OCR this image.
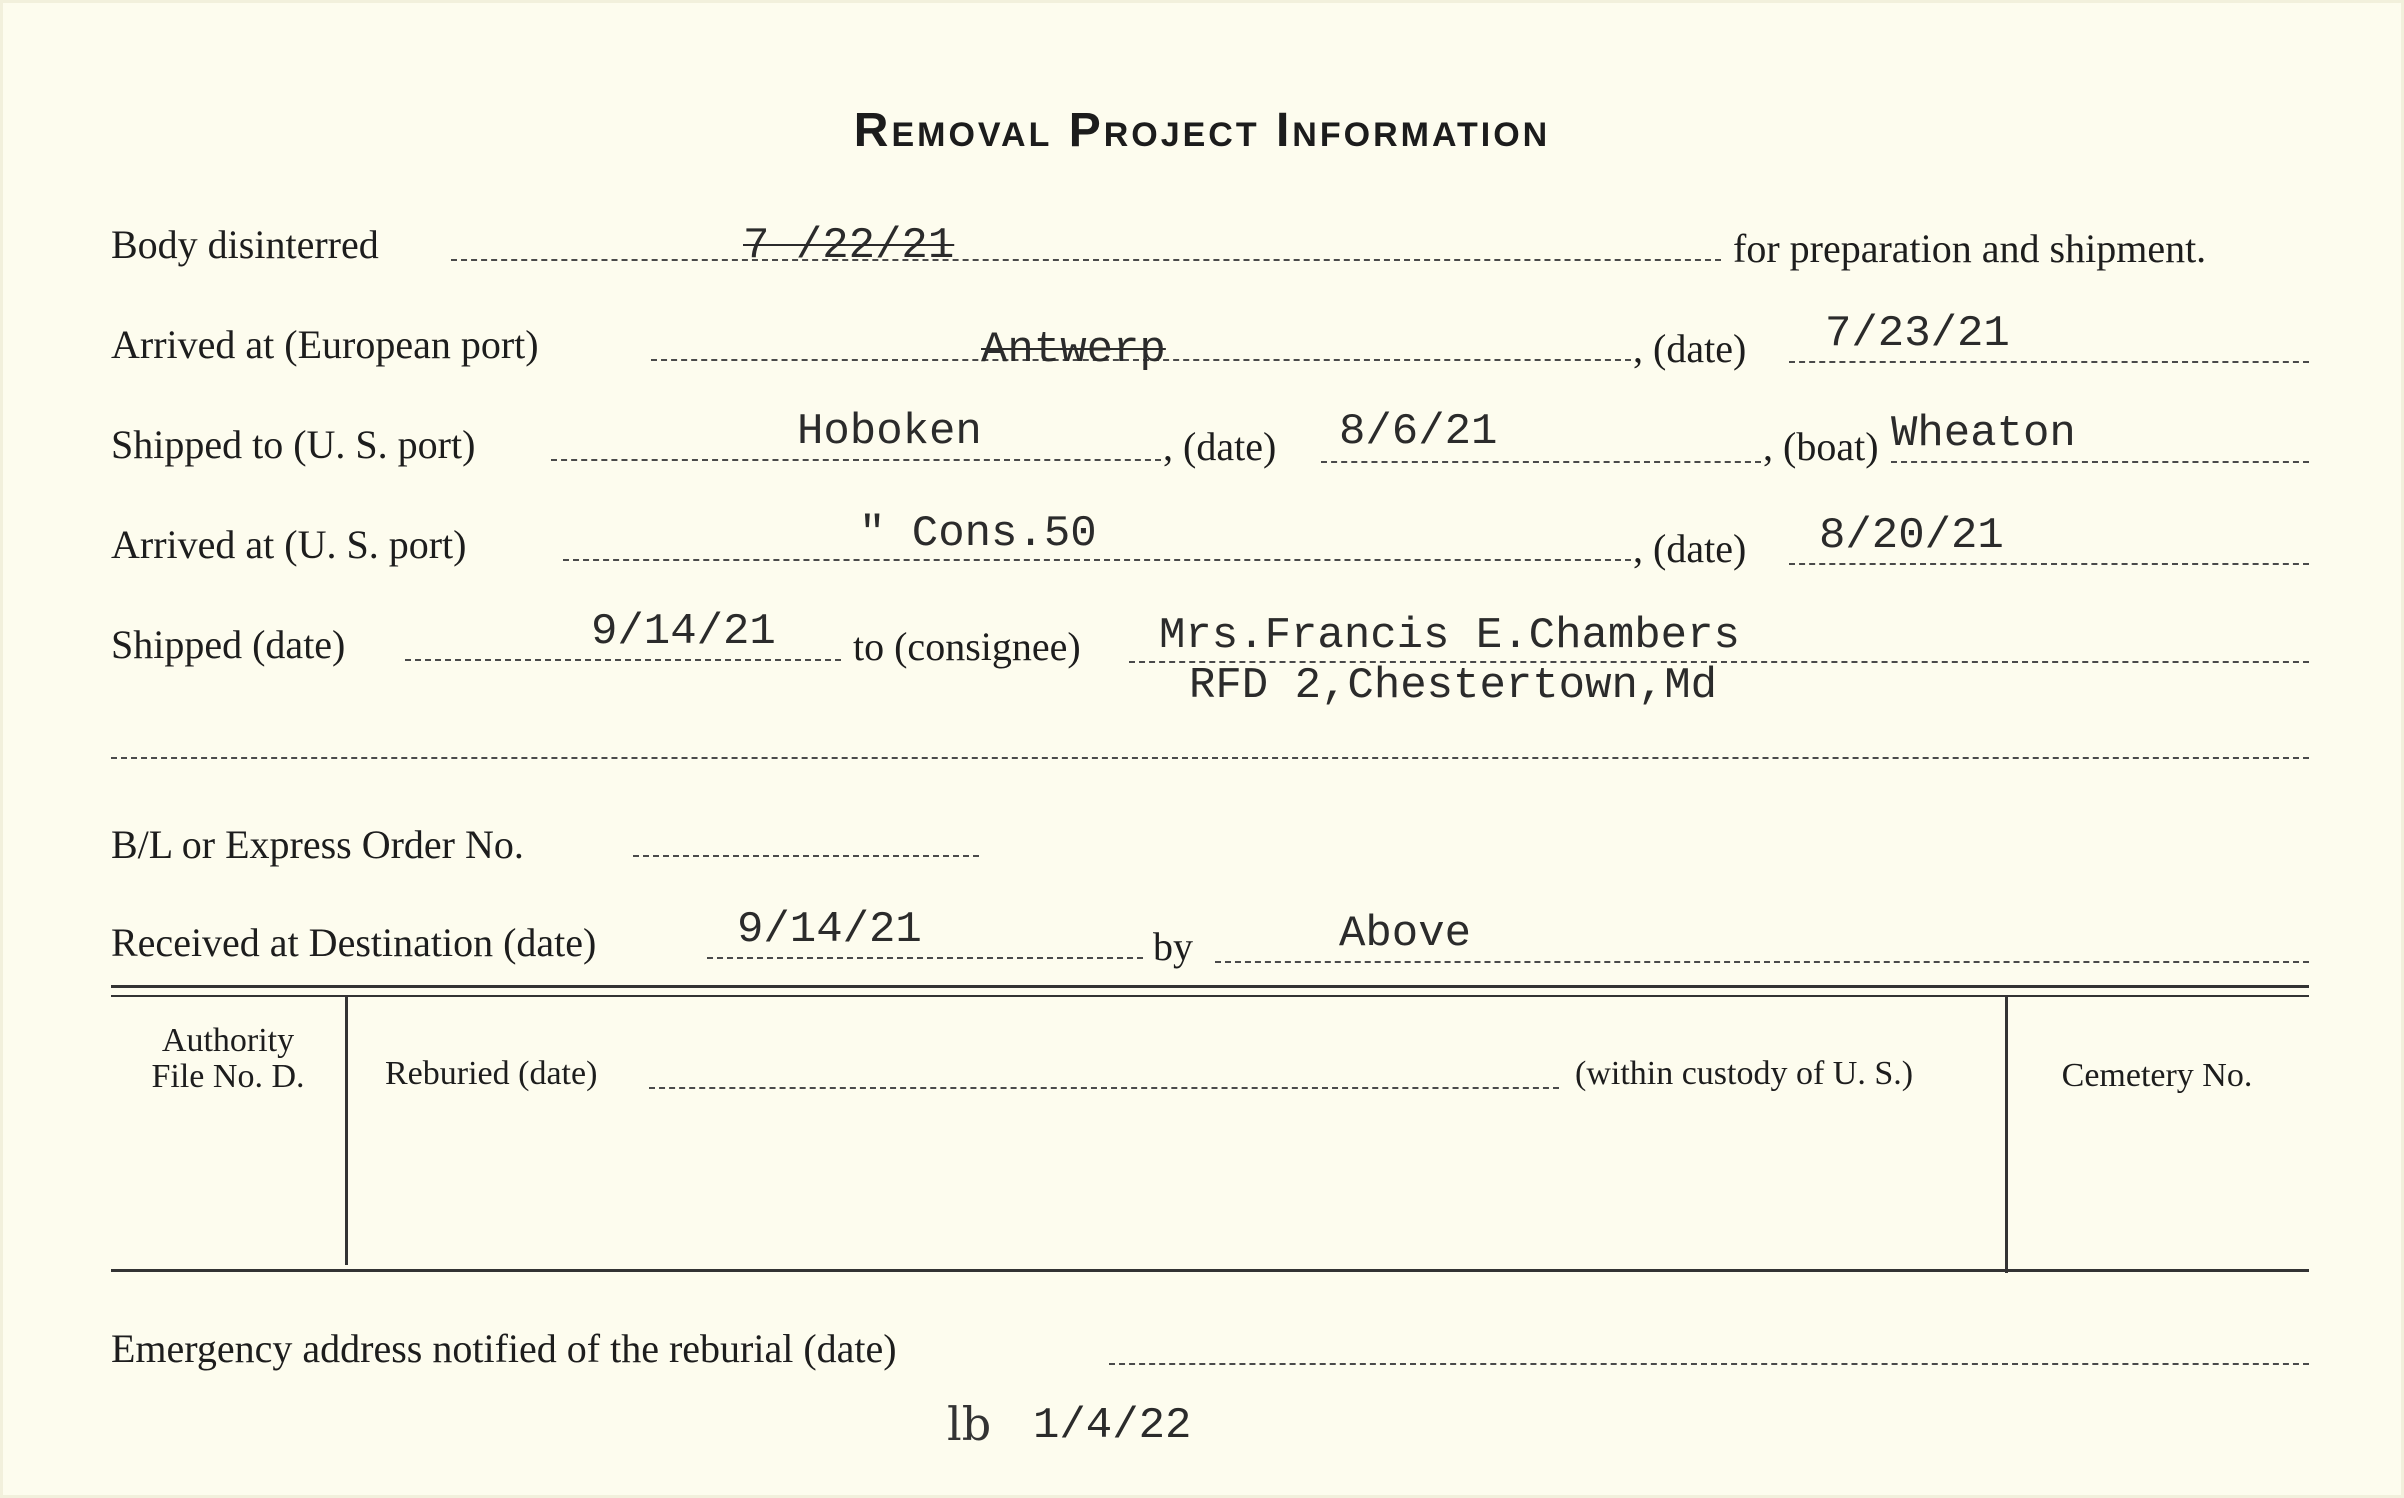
Removal Project Information
Body disinterred	7 /22/21	for preparation and shipment.
Arrived at (European port)	Antwerp	, (date) 7/23/21
Shipped to (U. S. port)	Hoboken	, (date) 8/6/21	, (boat) Wheaton
Arrived at (U. S. port)	" Cons.50	, (date) 8/20/21
Shipped (date)	9/14/21 to (consignee) Mrs.Francis E.Chambers
RFD 2,Chestertown,Md
B/L or Express Order No.
Received at Destination (date)	9/14/21	by	Above
Authority
File No. D.	Reburied (date)	(within custody of U. S.)	Cemetery No.
Emergency address notified of the reburial (date)
lb 1/4/22
